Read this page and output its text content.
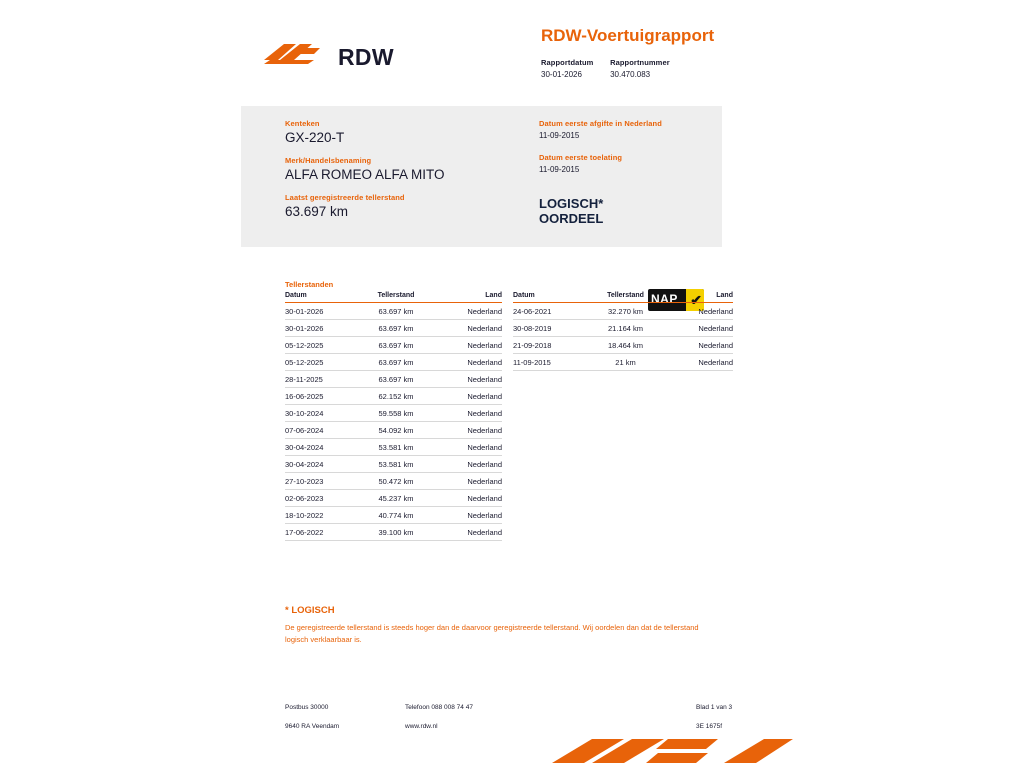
RDW
RDW-Voertuigrapport
Rapportdatum
30-01-2026

Rapportnummer
30.470.083
Kenteken
GX-220-T
Merk/Handelsbenaming
ALFA ROMEO ALFA MITO
Laatst geregistreerde tellerstand
63.697 km
Datum eerste afgifte in Nederland
11-09-2015
Datum eerste toelating
11-09-2015
LOGISCH*
OORDEEL
NAP ✔
Tellerstanden
Datum	Tellerstand	Land
30-01-2026	63.697 km	Nederland
30-01-2026	63.697 km	Nederland
05-12-2025	63.697 km	Nederland
05-12-2025	63.697 km	Nederland
28-11-2025	63.697 km	Nederland
16-06-2025	62.152 km	Nederland
30-10-2024	59.558 km	Nederland
07-06-2024	54.092 km	Nederland
30-04-2024	53.581 km	Nederland
30-04-2024	53.581 km	Nederland
27-10-2023	50.472 km	Nederland
02-06-2023	45.237 km	Nederland
18-10-2022	40.774 km	Nederland
17-06-2022	39.100 km	Nederland
Datum	Tellerstand	Land
24-06-2021	32.270 km	Nederland
30-08-2019	21.164 km	Nederland
21-09-2018	18.464 km	Nederland
11-09-2015	21 km	Nederland
* LOGISCH
De geregistreerde tellerstand is steeds hoger dan de daarvoor geregistreerde tellerstand. Wij oordelen dan dat de tellerstand logisch verklaarbaar is.
Postbus 30000
9640 RA Veendam
Telefoon 088 008 74 47
www.rdw.nl
Blad 1 van 3
3E 1675f
